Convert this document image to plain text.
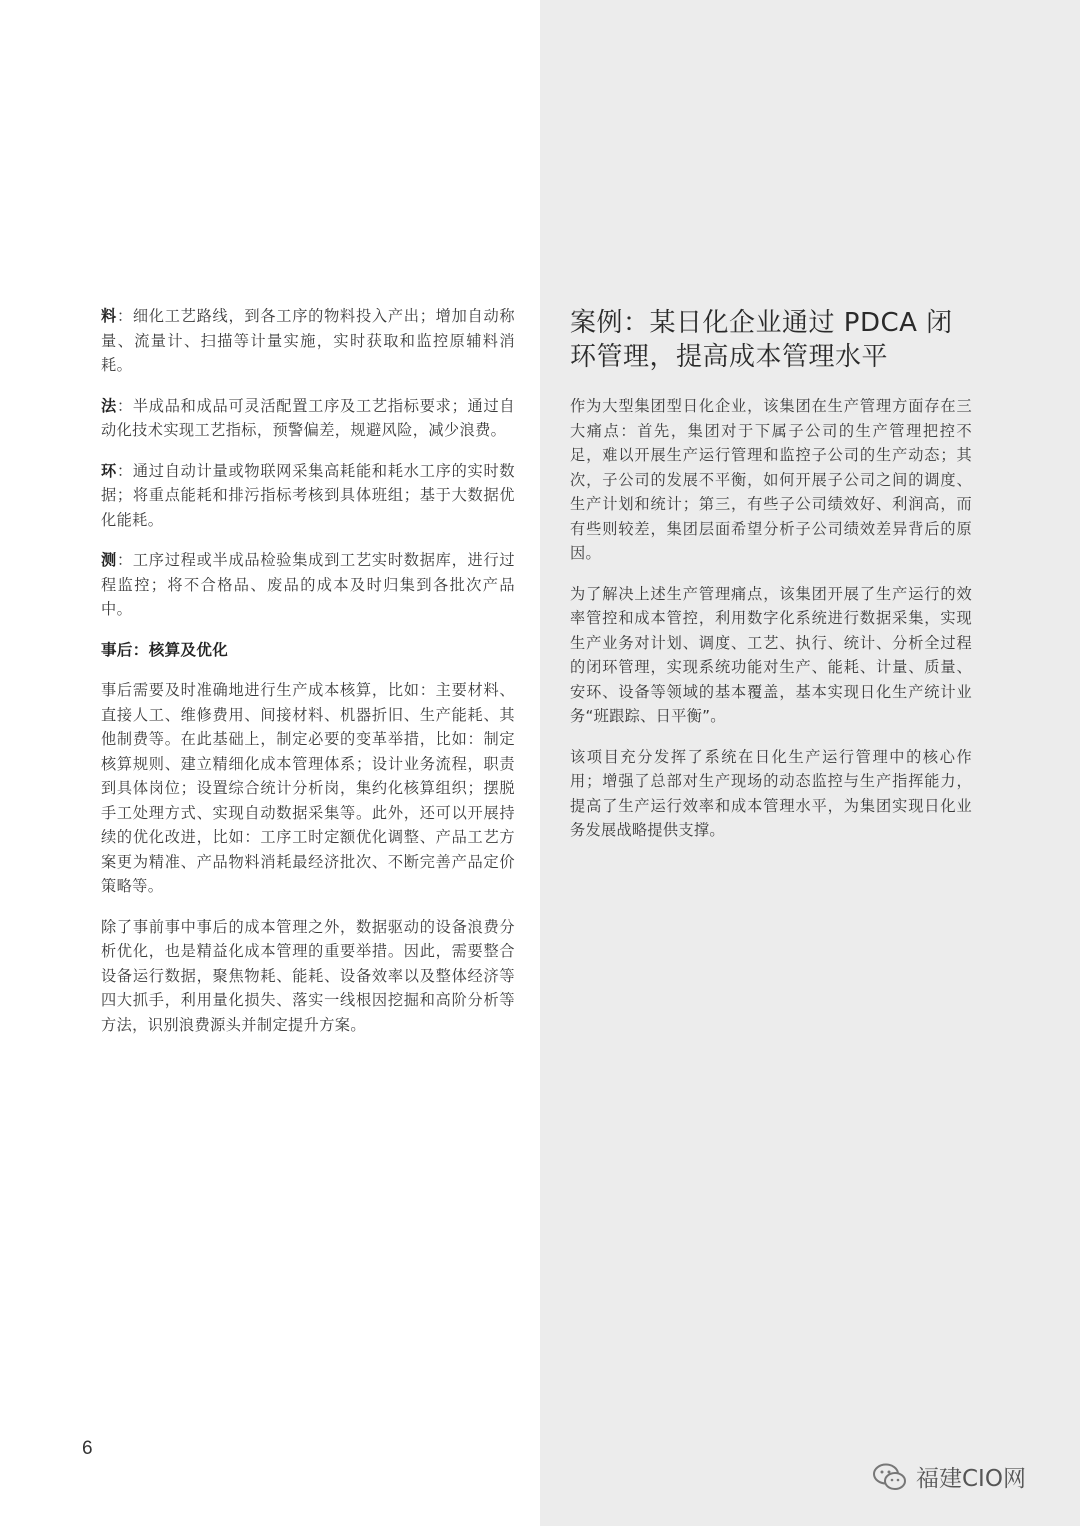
料：细化工艺路线，到各工序的物料投入产出；增加自动称量、流量计、扫描等计量实施，实时获取和监控原辅料消耗。

法：半成品和成品可灵活配置工序及工艺指标要求；通过自动化技术实现工艺指标，预警偏差，规避风险，减少浪费。

环：通过自动计量或物联网采集高耗能和耗水工序的实时数据；将重点能耗和排污指标考核到具体班组；基于大数据优化能耗。

测：工序过程或半成品检验集成到工艺实时数据库，进行过程监控；将不合格品、废品的成本及时归集到各批次产品中。

事后：核算及优化

事后需要及时准确地进行生产成本核算，比如：主要材料、直接人工、维修费用、间接材料、机器折旧、生产能耗、其他制费等。在此基础上，制定必要的变革举措，比如：制定核算规则、建立精细化成本管理体系；设计业务流程，职责到具体岗位；设置综合统计分析岗，集约化核算组织；摆脱手工处理方式、实现自动数据采集等。此外，还可以开展持续的优化改进，比如：工序工时定额优化调整、产品工艺方案更为精准、产品物料消耗最经济批次、不断完善产品定价策略等。

除了事前事中事后的成本管理之外，数据驱动的设备浪费分析优化，也是精益化成本管理的重要举措。因此，需要整合设备运行数据，聚焦物耗、能耗、设备效率以及整体经济等四大抓手，利用量化损失、落实一线根因挖掘和高阶分析等方法，识别浪费源头并制定提升方案。

案例：某日化企业通过 PDCA 闭环管理，提高成本管理水平

作为大型集团型日化企业，该集团在生产管理方面存在三大痛点：首先，集团对于下属子公司的生产管理把控不足，难以开展生产运行管理和监控子公司的生产动态；其次，子公司的发展不平衡，如何开展子公司之间的调度、生产计划和统计；第三，有些子公司绩效好、利润高，而有些则较差，集团层面希望分析子公司绩效差异背后的原因。

为了解决上述生产管理痛点，该集团开展了生产运行的效率管控和成本管控，利用数字化系统进行数据采集，实现生产业务对计划、调度、工艺、执行、统计、分析全过程的闭环管理，实现系统功能对生产、能耗、计量、质量、安环、设备等领域的基本覆盖，基本实现日化生产统计业务“班跟踪、日平衡”。

该项目充分发挥了系统在日化生产运行管理中的核心作用；增强了总部对生产现场的动态监控与生产指挥能力，提高了生产运行效率和成本管理水平，为集团实现日化业务发展战略提供支撑。

6
福建CIO网
